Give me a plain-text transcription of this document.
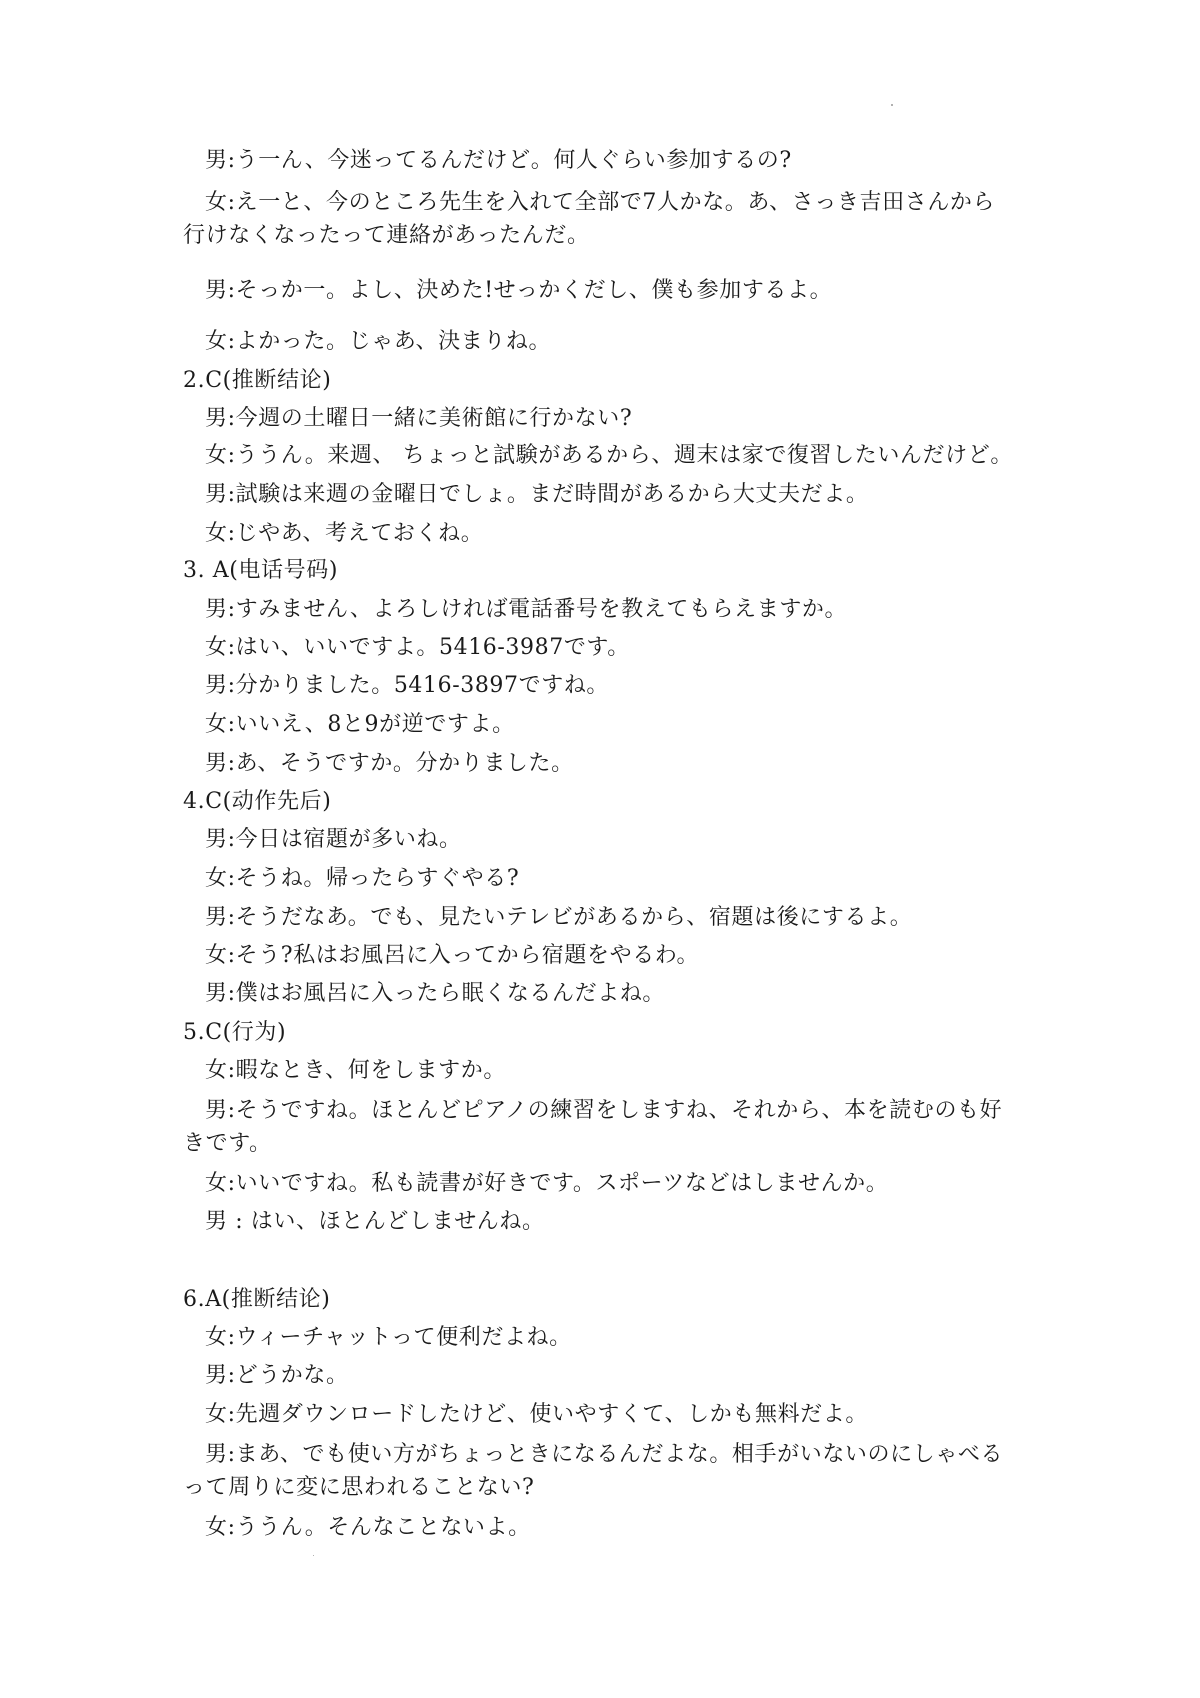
男:う一ん、今迷ってるんだけど。何人ぐらい参加するの?
女:え一と、今のところ先生を入れて全部で7人かな。あ、さっき吉田さんから
行けなくなったって連絡があったんだ。
男:そっか一。よし、決めた!せっかくだし、僕も参加するよ。
女:よかった。じゃあ、決まりね。
2.C(推断结论)
男:今週の土曜日一緒に美術館に行かない?
女:ううん。来週、 ちょっと試験があるから、週末は家で復習したいんだけど。
男:試験は来週の金曜日でしょ。まだ時間があるから大丈夫だよ。
女:じやあ、考えておくね。
3. A(电话号码)
男:すみません、よろしければ電話番号を教えてもらえますか。
女:はい、いいですよ。5416-3987です。
男:分かりました。5416-3897ですね。
女:いいえ、8と9が逆ですよ。
男:あ、そうですか。分かりました。
4.C(动作先后)
男:今日は宿題が多いね。
女:そうね。帰ったらすぐやる?
男:そうだなあ。でも、見たいテレビがあるから、宿題は後にするよ。
女:そう?私はお風呂に入ってから宿題をやるわ。
男:僕はお風呂に入ったら眠くなるんだよね。
5.C(行为)
女:暇なとき、何をしますか。
男:そうですね。ほとんどピアノの練習をしますね、それから、本を読むのも好
きです。
女:いいですね。私も読書が好きです。スポーツなどはしませんか。
男 : はい、ほとんどしませんね。
6.A(推断结论)
女:ウィーチャットって便利だよね。
男:どうかな。
女:先週ダウンロードしたけど、使いやすくて、しかも無料だよ。
男:まあ、でも使い方がちょっときになるんだよな。相手がいないのにしゃべる
って周りに変に思われることない?
女:ううん。そんなことないよ。
